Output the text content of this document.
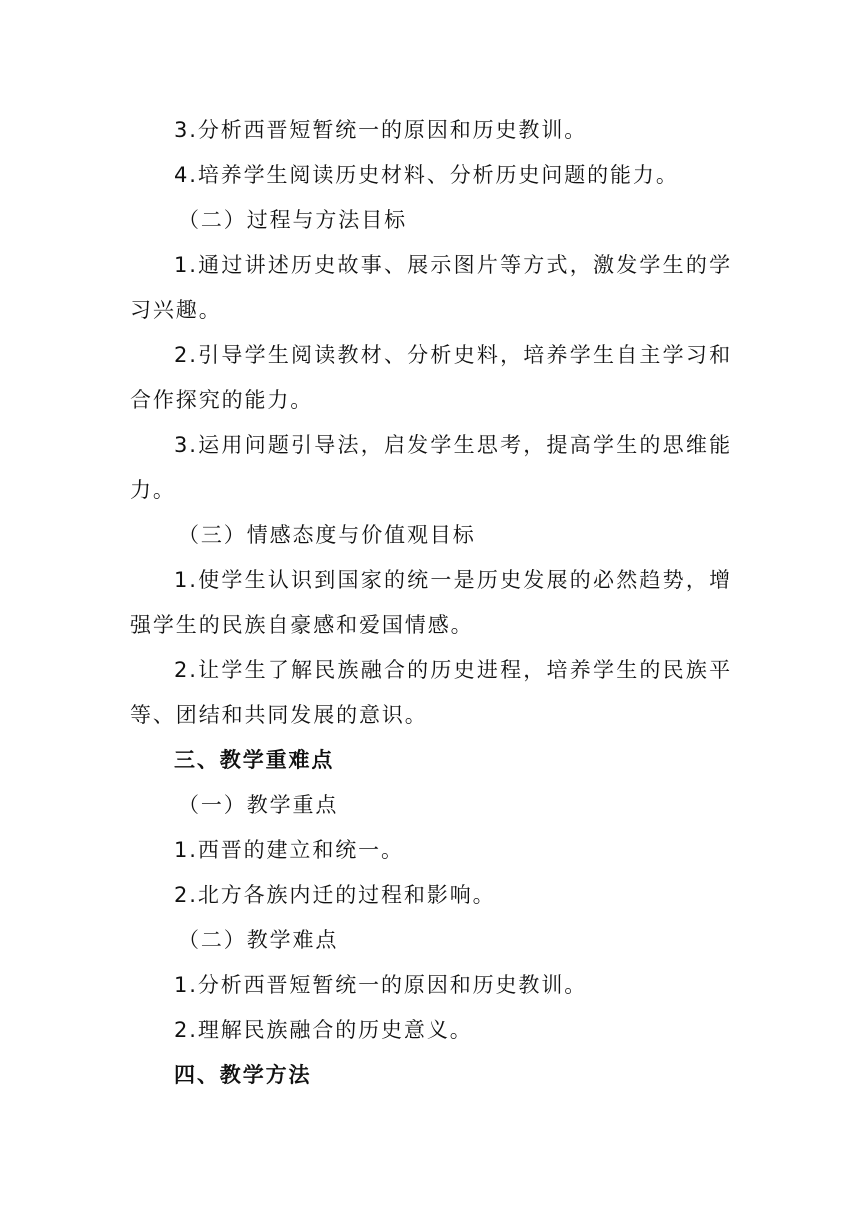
3.分析西晋短暂统一的原因和历史教训。
4.培养学生阅读历史材料、分析历史问题的能力。
（二）过程与方法目标
1.通过讲述历史故事、展示图片等方式，激发学生的学习兴趣。
2.引导学生阅读教材、分析史料，培养学生自主学习和合作探究的能力。
3.运用问题引导法，启发学生思考，提高学生的思维能力。
（三）情感态度与价值观目标
1.使学生认识到国家的统一是历史发展的必然趋势，增强学生的民族自豪感和爱国情感。
2.让学生了解民族融合的历史进程，培养学生的民族平等、团结和共同发展的意识。
三、教学重难点
（一）教学重点
1.西晋的建立和统一。
2.北方各族内迁的过程和影响。
（二）教学难点
1.分析西晋短暂统一的原因和历史教训。
2.理解民族融合的历史意义。
四、教学方法
